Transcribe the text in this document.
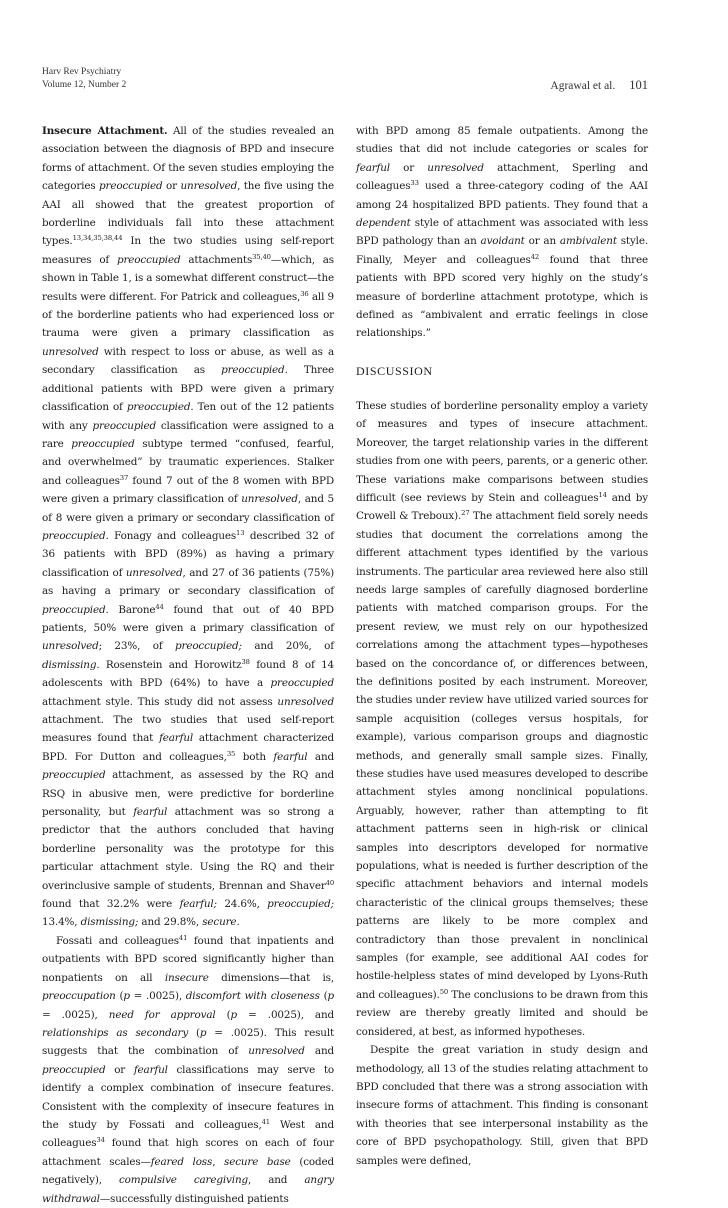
Harv Rev Psychiatry
Volume 12, Number 2	Agrawal et al. 101

Insecure Attachment. All of the studies revealed an association between the diagnosis of BPD and insecure forms of attachment. Of the seven studies employing the categories preoccupied or unresolved, the five using the AAI all showed that the greatest proportion of borderline individuals fall into these attachment types.$^{13,34,35,38,44}$ In the two studies using self-report measures of preoccupied attachments$^{35,40}$—which, as shown in Table 1, is a somewhat different construct—the results were different. For Patrick and colleagues,$^{36}$ all 9 of the borderline patients who had experienced loss or trauma were given a primary classification as unresolved with respect to loss or abuse, as well as a secondary classification as preoccupied. Three additional patients with BPD were given a primary classification of preoccupied. Ten out of the 12 patients with any preoccupied classification were assigned to a rare preoccupied subtype termed “confused, fearful, and overwhelmed” by traumatic experiences. Stalker and colleagues$^{37}$ found 7 out of the 8 women with BPD were given a primary classification of unresolved, and 5 of 8 were given a primary or secondary classification of preoccupied. Fonagy and colleagues$^{13}$ described 32 of 36 patients with BPD (89%) as having a primary classification of unresolved, and 27 of 36 patients (75%) as having a primary or secondary classification of preoccupied. Barone$^{44}$ found that out of 40 BPD patients, 50% were given a primary classification of unresolved; 23%, of preoccupied; and 20%, of dismissing. Rosenstein and Horowitz$^{38}$ found 8 of 14 adolescents with BPD (64%) to have a preoccupied attachment style. This study did not assess unresolved attachment. The two studies that used self-report measures found that fearful attachment characterized BPD. For Dutton and colleagues,$^{35}$ both fearful and preoccupied attachment, as assessed by the RQ and RSQ in abusive men, were predictive for borderline personality, but fearful attachment was so strong a predictor that the authors concluded that having borderline personality was the prototype for this particular attachment style. Using the RQ and their overinclusive sample of students, Brennan and Shaver$^{40}$ found that 32.2% were fearful; 24.6%, preoccupied; 13.4%, dismissing; and 29.8%, secure.

Fossati and colleagues$^{41}$ found that inpatients and outpatients with BPD scored significantly higher than nonpatients on all insecure dimensions—that is, preoccupation (p = .0025), discomfort with closeness (p = .0025), need for approval (p = .0025), and relationships as secondary (p = .0025). This result suggests that the combination of unresolved and preoccupied or fearful classifications may serve to identify a complex combination of insecure features. Consistent with the complexity of insecure features in the study by Fossati and colleagues,$^{41}$ West and colleagues$^{34}$ found that high scores on each of four attachment scales—feared loss, secure base (coded negatively), compulsive caregiving, and angry withdrawal—successfully distinguished patients

with BPD among 85 female outpatients. Among the studies that did not include categories or scales for fearful or unresolved attachment, Sperling and colleagues$^{33}$ used a three-category coding of the AAI among 24 hospitalized BPD patients. They found that a dependent style of attachment was associated with less BPD pathology than an avoidant or an ambivalent style. Finally, Meyer and colleagues$^{42}$ found that three patients with BPD scored very highly on the study’s measure of borderline attachment prototype, which is defined as “ambivalent and erratic feelings in close relationships.”

DISCUSSION

These studies of borderline personality employ a variety of measures and types of insecure attachment. Moreover, the target relationship varies in the different studies from one with peers, parents, or a generic other. These variations make comparisons between studies difficult (see reviews by Stein and colleagues$^{14}$ and by Crowell & Treboux).$^{27}$ The attachment field sorely needs studies that document the correlations among the different attachment types identified by the various instruments. The particular area reviewed here also still needs large samples of carefully diagnosed borderline patients with matched comparison groups. For the present review, we must rely on our hypothesized correlations among the attachment types—hypotheses based on the concordance of, or differences between, the definitions posited by each instrument. Moreover, the studies under review have utilized varied sources for sample acquisition (colleges versus hospitals, for example), various comparison groups and diagnostic methods, and generally small sample sizes. Finally, these studies have used measures developed to describe attachment styles among nonclinical populations. Arguably, however, rather than attempting to fit attachment patterns seen in high-risk or clinical samples into descriptors developed for normative populations, what is needed is further description of the specific attachment behaviors and internal models characteristic of the clinical groups themselves; these patterns are likely to be more complex and contradictory than those prevalent in nonclinical samples (for example, see additional AAI codes for hostile-helpless states of mind developed by Lyons-Ruth and colleagues).$^{50}$ The conclusions to be drawn from this review are thereby greatly limited and should be considered, at best, as informed hypotheses.

Despite the great variation in study design and methodology, all 13 of the studies relating attachment to BPD concluded that there was a strong association with insecure forms of attachment. This finding is consonant with theories that see interpersonal instability as the core of BPD psychopathology. Still, given that BPD samples were defined,
